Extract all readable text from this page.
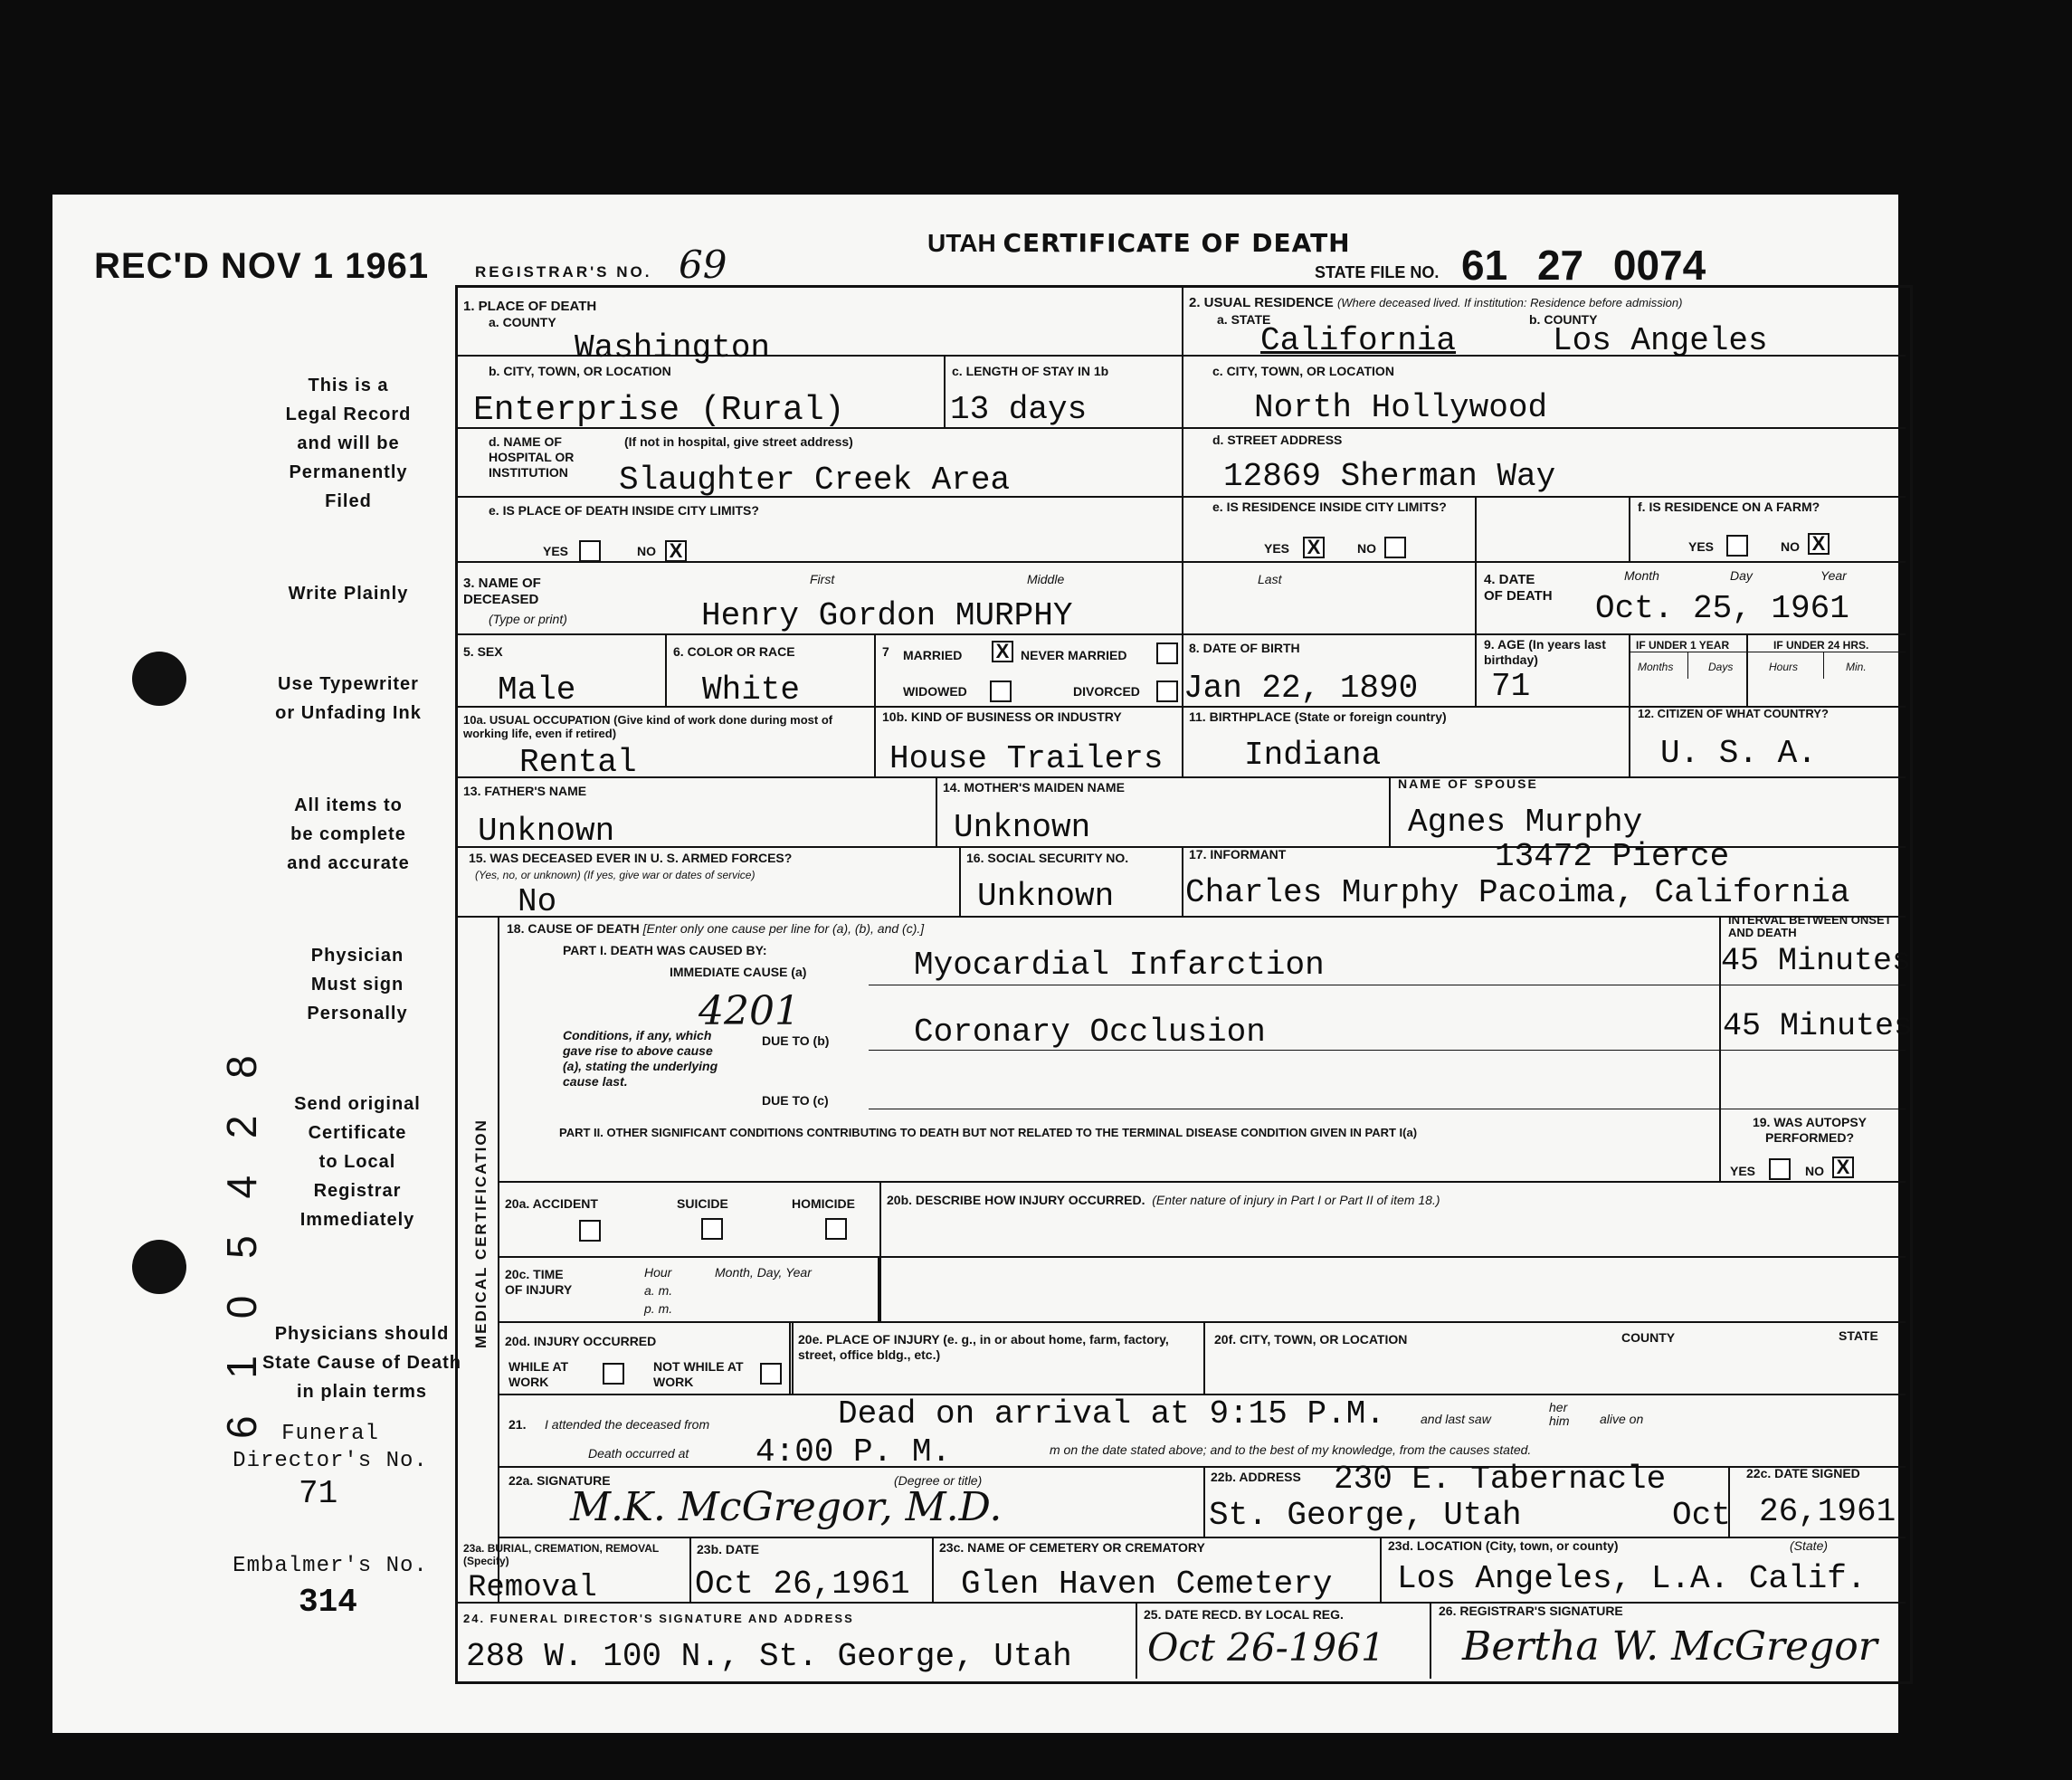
REC'D NOV 1 1961
This is a
Legal Record
and will be
Permanently
Filed
Write Plainly
Use Typewriter
or Unfading Ink
All items to
be complete
and accurate
Physician
Must sign
Personally
Send original
Certificate
to Local
Registrar
Immediately
Physicians should
State Cause of Death
in plain terms
Funeral Director's No.
71
Embalmer's No.
314
6 1 0 5 4 2 8
UTAH CERTIFICATE OF DEATH
REGISTRAR'S NO. 69	STATE FILE NO. 61 27 0074
1. PLACE OF DEATH
a. COUNTY
Washington
b. CITY, TOWN, OR LOCATION
Enterprise (Rural)
c. LENGTH OF STAY IN 1b
13 days
d. NAME OF HOSPITAL OR INSTITUTION
(If not in hospital, give street address)
Slaughter Creek Area
e. IS PLACE OF DEATH INSIDE CITY LIMITS?
YES	NO X
2. USUAL RESIDENCE (Where deceased lived. If institution: Residence before admission)
a. STATE	b. COUNTY
California	Los Angeles
c. CITY, TOWN, OR LOCATION
North Hollywood
d. STREET ADDRESS
12869 Sherman Way
e. IS RESIDENCE INSIDE CITY LIMITS?
YES X	NO
f. IS RESIDENCE ON A FARM?
YES	NO X
3. NAME OF DECEASED
(Type or print)
First	Middle	Last
Henry Gordon MURPHY
4. DATE OF DEATH
Month	Day	Year
Oct. 25, 1961
5. SEX
Male
6. COLOR OR RACE
White
7 MARRIED X NEVER MARRIED
WIDOWED	DIVORCED
8. DATE OF BIRTH
Jan 22, 1890
9. AGE (In years last birthday)
71
IF UNDER 1 YEAR	IF UNDER 24 HRS.
Months	Days	Hours	Min.
10a. USUAL OCCUPATION (Give kind of work done during most of working life, even if retired)
Rental
10b. KIND OF BUSINESS OR INDUSTRY
House Trailers
11. BIRTHPLACE (State or foreign country)
Indiana
12. CITIZEN OF WHAT COUNTRY?
U. S. A.
13. FATHER'S NAME
Unknown
14. MOTHER'S MAIDEN NAME
Unknown
NAME OF SPOUSE
Agnes Murphy
15. WAS DECEASED EVER IN U. S. ARMED FORCES?
(Yes, no, or unknown) (If yes, give war or dates of service)
No
16. SOCIAL SECURITY NO.
Unknown
17. INFORMANT	13472 Pierce
Charles Murphy Pacoima, California
MEDICAL CERTIFICATION
18. CAUSE OF DEATH [Enter only one cause per line for (a), (b), and (c).]
PART I. DEATH WAS CAUSED BY:
IMMEDIATE CAUSE (a)	Myocardial Infarction
Conditions, if any, which gave rise to above cause (a), stating the underlying cause last.
4201
DUE TO (b)	Coronary Occlusion
DUE TO (c)
PART II. OTHER SIGNIFICANT CONDITIONS CONTRIBUTING TO DEATH BUT NOT RELATED TO THE TERMINAL DISEASE CONDITION GIVEN IN PART I(a)
INTERVAL BETWEEN ONSET AND DEATH
45 Minutes
45 Minutes
19. WAS AUTOPSY PERFORMED?
YES	NO X
20a. ACCIDENT	SUICIDE	HOMICIDE	20b. DESCRIBE HOW INJURY OCCURRED. (Enter nature of injury in Part I or Part II of item 18.)
20c. TIME OF INJURY
Hour
a. m.
p. m.
Month, Day, Year
20d. INJURY OCCURRED
WHILE AT WORK
NOT WHILE AT WORK
20e. PLACE OF INJURY (e. g., in or about home, farm, factory, street, office bldg., etc.)
20f. CITY, TOWN, OR LOCATION	COUNTY	STATE
21. I attended the deceased from	Dead on arrival at 9:15 P.M.	and last saw
her him	alive on
Death occurred at 4:00 P. M.	m on the date stated above; and to the best of my knowledge, from the causes stated.
22a. SIGNATURE	(Degree or title)
M.K. McGregor, M.D.
22b. ADDRESS 230 E. Tabernacle
St. George, Utah
22c. DATE SIGNED
Oct 26,1961
23a. BURIAL, CREMATION, REMOVAL (Specify)
Removal
23b. DATE
Oct 26,1961
23c. NAME OF CEMETERY OR CREMATORY
Glen Haven Cemetery
23d. LOCATION (City, town, or county)	(State)
Los Angeles, L.A. Calif.
24. FUNERAL DIRECTOR'S SIGNATURE AND ADDRESS
288 W. 100 N., St. George, Utah
25. DATE RECD. BY LOCAL REG.
Oct 26-1961
26. REGISTRAR'S SIGNATURE
Bertha W. McGregor
